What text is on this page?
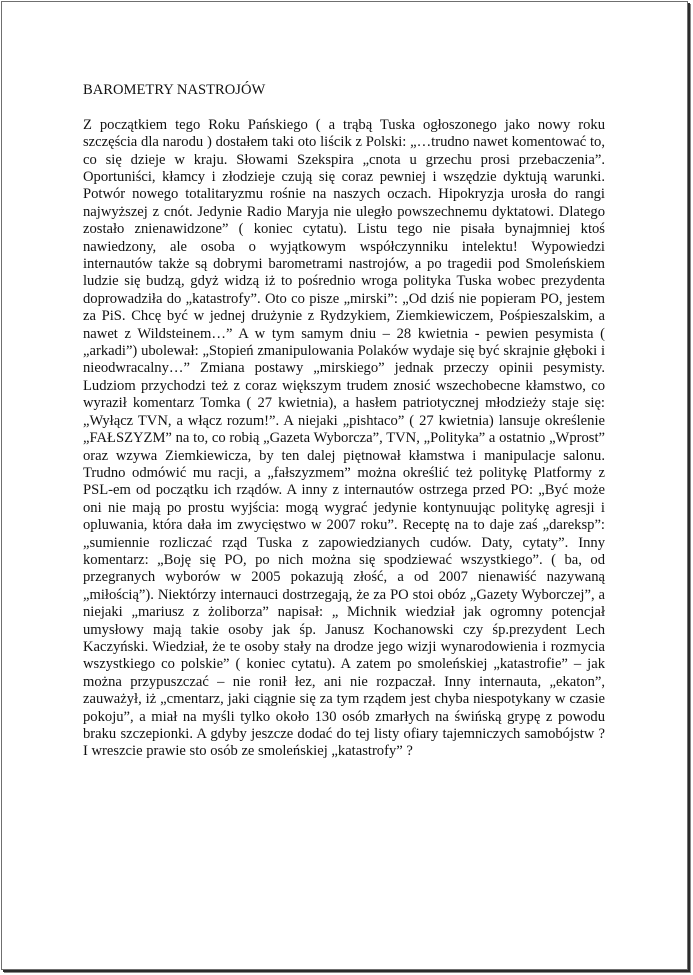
BAROMETRY NASTROJÓW

Z początkiem tego Roku Pańskiego ( a trąbą Tuska ogłoszonego jako nowy roku szczęścia dla narodu ) dostałem taki oto liścik z Polski: „…trudno nawet komentować to, co się dzieje w kraju. Słowami Szekspira „cnota u grzechu prosi przebaczenia”. Oportuniści, kłamcy i złodzieje czują się coraz pewniej i wszędzie dyktują warunki. Potwór nowego totalitaryzmu rośnie na naszych oczach. Hipokryzja urosła do rangi najwyższej z cnót. Jedynie Radio Maryja nie uległo powszechnemu dyktatowi. Dlatego zostało znienawidzone” ( koniec cytatu). Listu tego nie pisała bynajmniej ktoś nawiedzony, ale osoba o wyjątkowym współczynniku intelektu! Wypowiedzi internautów także są dobrymi barometrami nastrojów, a po tragedii pod Smoleńskiem ludzie się budzą, gdyż widzą iż to pośrednio wroga polityka Tuska wobec prezydenta doprowadziła do „katastrofy”. Oto co pisze „mirski”: „Od dziś nie popieram PO, jestem za PiS. Chcę być w jednej drużynie z Rydzykiem, Ziemkiewiczem, Pośpieszalskim, a nawet z Wildsteinem…” A w tym samym dniu – 28 kwietnia - pewien pesymista ( „arkadi”) ubolewał: „Stopień zmanipulowania Polaków wydaje się być skrajnie głęboki i nieodwracalny…” Zmiana postawy „mirskiego” jednak przeczy opinii pesymisty. Ludziom przychodzi też z coraz większym trudem znosić wszechobecne kłamstwo, co wyraził komentarz Tomka ( 27 kwietnia), a hasłem patriotycznej młodzieży staje się: „Wyłącz TVN, a włącz rozum!”. A niejaki „pishtaco” ( 27 kwietnia) lansuje określenie „FAŁSZYZM” na to, co robią „Gazeta Wyborcza”, TVN, „Polityka” a ostatnio „Wprost” oraz wzywa Ziemkiewicza, by ten dalej piętnował kłamstwa i manipulacje salonu. Trudno odmówić mu racji, a „fałszyzmem” można określić też politykę Platformy z PSL-em od początku ich rządów. A inny z internautów ostrzega przed PO: „Być może oni nie mają po prostu wyjścia: mogą wygrać jedynie kontynuując politykę agresji i opluwania, która dała im zwycięstwo w 2007 roku”. Receptę na to daje zaś „dareksp”: „sumiennie rozliczać rząd Tuska z zapowiedzianych cudów. Daty, cytaty”. Inny komentarz: „Boję się PO, po nich można się spodziewać wszystkiego”. ( ba, od przegranych wyborów w 2005 pokazują złość, a od 2007 nienawiść nazywaną „miłością”). Niektórzy internauci dostrzegają, że za PO stoi obóz „Gazety Wyborczej”, a niejaki „mariusz z żoliborza” napisał: „ Michnik wiedział jak ogromny potencjał umysłowy mają takie osoby jak śp. Janusz Kochanowski czy śp.prezydent Lech Kaczyński. Wiedział, że te osoby stały na drodze jego wizji wynarodowienia i rozmycia wszystkiego co polskie” ( koniec cytatu). A zatem po smoleńskiej „katastrofie” – jak można przypuszczać – nie ronił łez, ani nie rozpaczał. Inny internauta, „ekaton”, zauważył, iż „cmentarz, jaki ciągnie się za tym rządem jest chyba niespotykany w czasie pokoju”, a miał na myśli tylko około 130 osób zmarłych na świńską grypę z powodu braku szczepionki. A gdyby jeszcze dodać do tej listy ofiary tajemniczych samobójstw ? I wreszcie prawie sto osób ze smoleńskiej „katastrofy” ?
